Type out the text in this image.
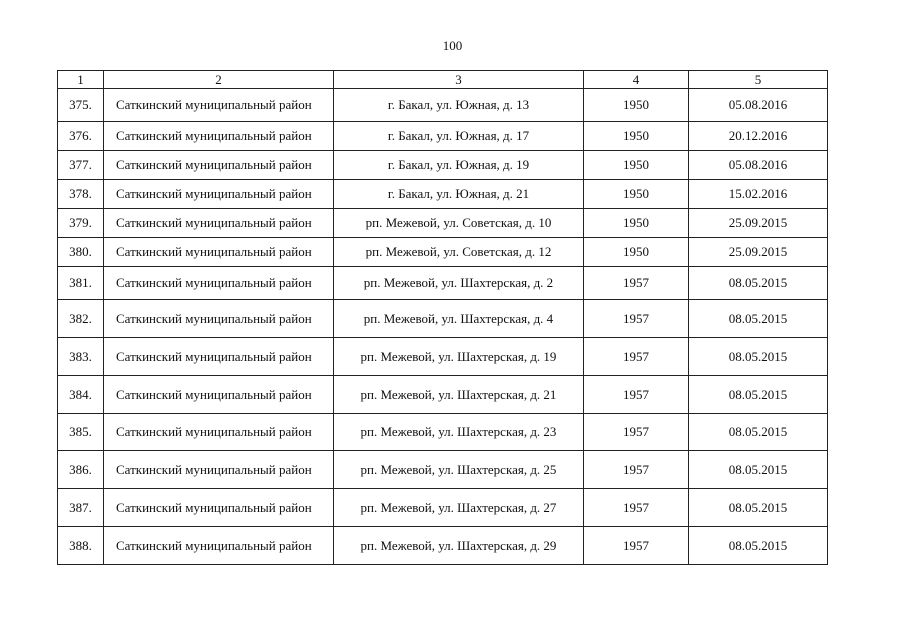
100
1	2	3	4	5
375.	Саткинский муниципальный район	г. Бакал, ул. Южная, д. 13	1950	05.08.2016
376.	Саткинский муниципальный район	г. Бакал, ул. Южная, д. 17	1950	20.12.2016
377.	Саткинский муниципальный район	г. Бакал, ул. Южная, д. 19	1950	05.08.2016
378.	Саткинский муниципальный район	г. Бакал, ул. Южная, д. 21	1950	15.02.2016
379.	Саткинский муниципальный район	рп. Межевой, ул. Советская, д. 10	1950	25.09.2015
380.	Саткинский муниципальный район	рп. Межевой, ул. Советская, д. 12	1950	25.09.2015
381.	Саткинский муниципальный район	рп. Межевой, ул. Шахтерская, д. 2	1957	08.05.2015
382.	Саткинский муниципальный район	рп. Межевой, ул. Шахтерская, д. 4	1957	08.05.2015
383.	Саткинский муниципальный район	рп. Межевой, ул. Шахтерская, д. 19	1957	08.05.2015
384.	Саткинский муниципальный район	рп. Межевой, ул. Шахтерская, д. 21	1957	08.05.2015
385.	Саткинский муниципальный район	рп. Межевой, ул. Шахтерская, д. 23	1957	08.05.2015
386.	Саткинский муниципальный район	рп. Межевой, ул. Шахтерская, д. 25	1957	08.05.2015
387.	Саткинский муниципальный район	рп. Межевой, ул. Шахтерская, д. 27	1957	08.05.2015
388.	Саткинский муниципальный район	рп. Межевой, ул. Шахтерская, д. 29	1957	08.05.2015
